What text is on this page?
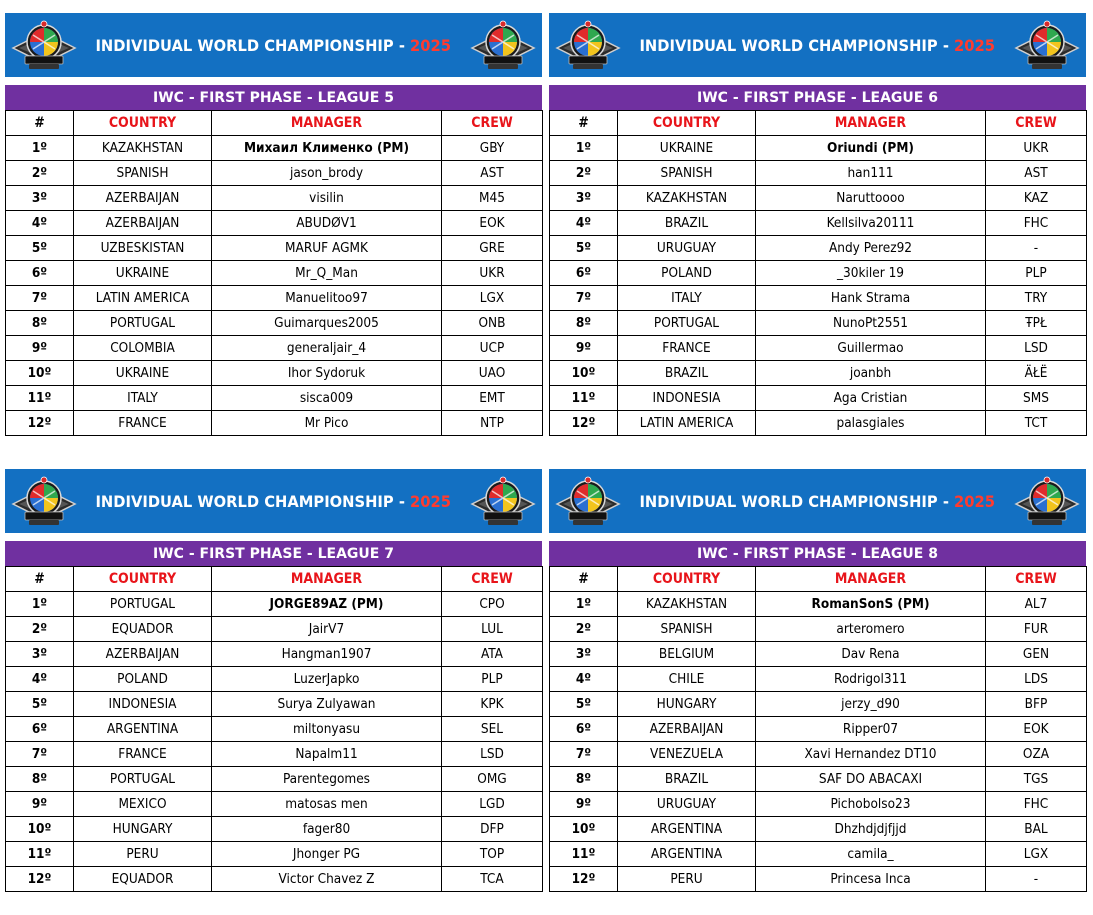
INDIVIDUAL WORLD CHAMPIONSHIP - 2025
IWC - FIRST PHASE - LEAGUE 5
#	COUNTRY	MANAGER	CREW
1º	KAZAKHSTAN	Михаил Клименко (PM)	GBY
2º	SPANISH	jason_brody	AST
3º	AZERBAIJAN	visilin	M45
4º	AZERBAIJAN	ABUDØV1	EOK
5º	UZBESKISTAN	MARUF AGMK	GRE
6º	UKRAINE	Mr_Q_Man	UKR
7º	LATIN AMERICA	Manuelitoo97	LGX
8º	PORTUGAL	Guimarques2005	ONB
9º	COLOMBIA	generaljair_4	UCP
10º	UKRAINE	Ihor Sydoruk	UAO
11º	ITALY	sisca009	EMT
12º	FRANCE	Mr Pico	NTP
INDIVIDUAL WORLD CHAMPIONSHIP - 2025
IWC - FIRST PHASE - LEAGUE 6
#	COUNTRY	MANAGER	CREW
1º	UKRAINE	Oriundi (PM)	UKR
2º	SPANISH	han111	AST
3º	KAZAKHSTAN	Naruttoooo	KAZ
4º	BRAZIL	Kellsilva20111	FHC
5º	URUGUAY	Andy Perez92	-
6º	POLAND	_30kiler 19	PLP
7º	ITALY	Hank Strama	TRY
8º	PORTUGAL	NunoPt2551	ŦPŁ
9º	FRANCE	Guillermao	LSD
10º	BRAZIL	joanbh	ÄŁË
11º	INDONESIA	Aga Cristian	SMS
12º	LATIN AMERICA	palasgiales	TCT
INDIVIDUAL WORLD CHAMPIONSHIP - 2025
IWC - FIRST PHASE - LEAGUE 7
#	COUNTRY	MANAGER	CREW
1º	PORTUGAL	JORGE89AZ (PM)	CPO
2º	EQUADOR	JairV7	LUL
3º	AZERBAIJAN	Hangman1907	ATA
4º	POLAND	LuzerJapko	PLP
5º	INDONESIA	Surya Zulyawan	KPK
6º	ARGENTINA	miltonyasu	SEL
7º	FRANCE	Napalm11	LSD
8º	PORTUGAL	Parentegomes	OMG
9º	MEXICO	matosas men	LGD
10º	HUNGARY	fager80	DFP
11º	PERU	Jhonger PG	TOP
12º	EQUADOR	Victor Chavez Z	TCA
INDIVIDUAL WORLD CHAMPIONSHIP - 2025
IWC - FIRST PHASE - LEAGUE 8
#	COUNTRY	MANAGER	CREW
1º	KAZAKHSTAN	RomanSonS (PM)	AL7
2º	SPANISH	arteromero	FUR
3º	BELGIUM	Dav Rena	GEN
4º	CHILE	Rodrigol311	LDS
5º	HUNGARY	jerzy_d90	BFP
6º	AZERBAIJAN	Ripper07	EOK
7º	VENEZUELA	Xavi Hernandez DT10	OZA
8º	BRAZIL	SAF DO ABACAXI	TGS
9º	URUGUAY	Pichobolso23	FHC
10º	ARGENTINA	Dhzhdjdjfjjd	BAL
11º	ARGENTINA	camila_	LGX
12º	PERU	Princesa Inca	-
